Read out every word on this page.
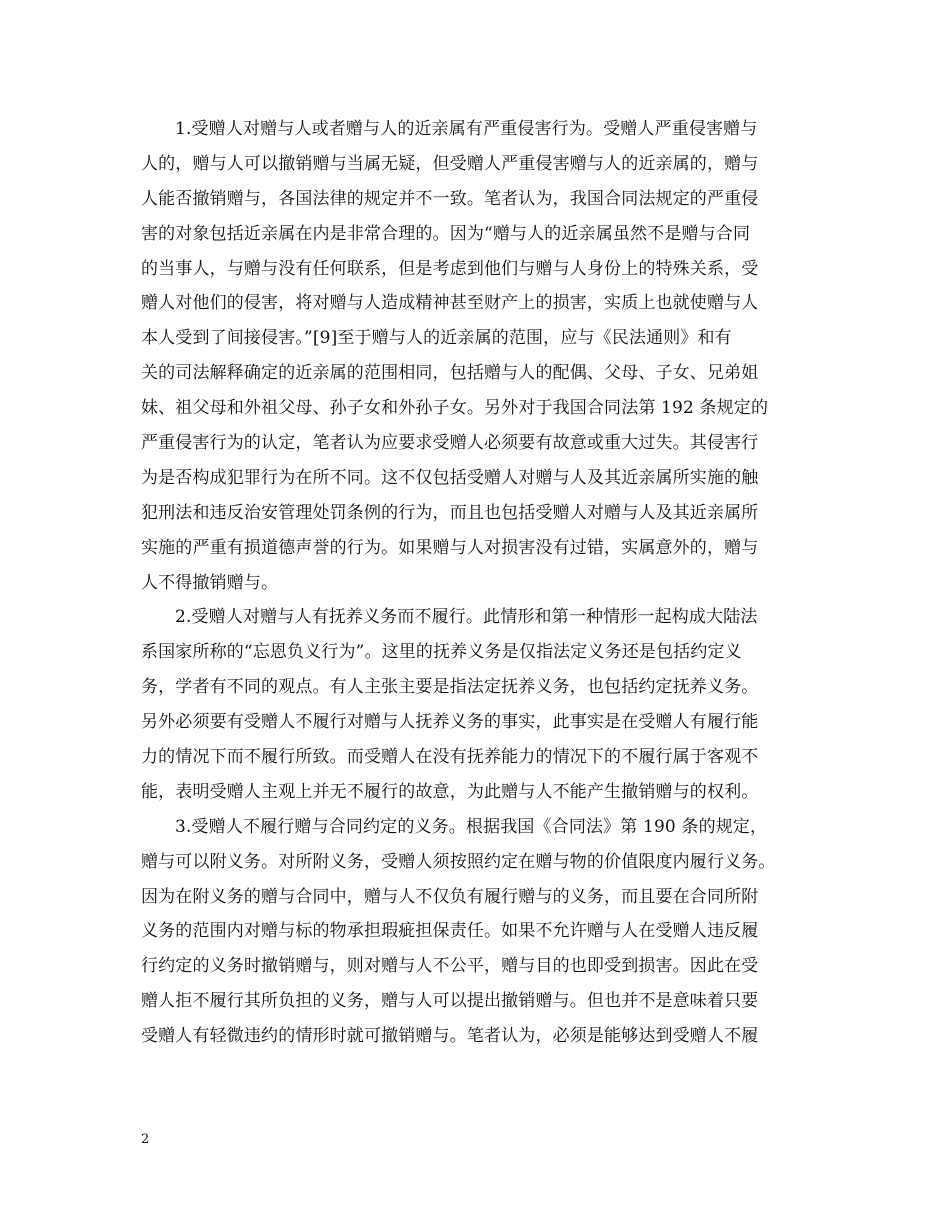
1.受赠人对赠与人或者赠与人的近亲属有严重侵害行为。受赠人严重侵害赠与
人的，赠与人可以撤销赠与当属无疑，但受赠人严重侵害赠与人的近亲属的，赠与
人能否撤销赠与，各国法律的规定并不一致。笔者认为，我国合同法规定的严重侵
害的对象包括近亲属在内是非常合理的。因为“赠与人的近亲属虽然不是赠与合同
的当事人，与赠与没有任何联系，但是考虑到他们与赠与人身份上的特殊关系，受
赠人对他们的侵害，将对赠与人造成精神甚至财产上的损害，实质上也就使赠与人
本人受到了间接侵害。”[9]至于赠与人的近亲属的范围，应与《民法通则》和有
关的司法解释确定的近亲属的范围相同，包括赠与人的配偶、父母、子女、兄弟姐
妹、祖父母和外祖父母、孙子女和外孙子女。另外对于我国合同法第 192 条规定的
严重侵害行为的认定，笔者认为应要求受赠人必须要有故意或重大过失。其侵害行
为是否构成犯罪行为在所不同。这不仅包括受赠人对赠与人及其近亲属所实施的触
犯刑法和违反治安管理处罚条例的行为，而且也包括受赠人对赠与人及其近亲属所
实施的严重有损道德声誉的行为。如果赠与人对损害没有过错，实属意外的，赠与
人不得撤销赠与。
2.受赠人对赠与人有抚养义务而不履行。此情形和第一种情形一起构成大陆法
系国家所称的“忘恩负义行为”。这里的抚养义务是仅指法定义务还是包括约定义
务，学者有不同的观点。有人主张主要是指法定抚养义务，也包括约定抚养义务。
另外必须要有受赠人不履行对赠与人抚养义务的事实，此事实是在受赠人有履行能
力的情况下而不履行所致。而受赠人在没有抚养能力的情况下的不履行属于客观不
能，表明受赠人主观上并无不履行的故意，为此赠与人不能产生撤销赠与的权利。
3.受赠人不履行赠与合同约定的义务。根据我国《合同法》第 190 条的规定，
赠与可以附义务。对所附义务，受赠人须按照约定在赠与物的价值限度内履行义务。
因为在附义务的赠与合同中，赠与人不仅负有履行赠与的义务，而且要在合同所附
义务的范围内对赠与标的物承担瑕疵担保责任。如果不允许赠与人在受赠人违反履
行约定的义务时撤销赠与，则对赠与人不公平，赠与目的也即受到损害。因此在受
赠人拒不履行其所负担的义务，赠与人可以提出撤销赠与。但也并不是意味着只要
受赠人有轻微违约的情形时就可撤销赠与。笔者认为，必须是能够达到受赠人不履
2
